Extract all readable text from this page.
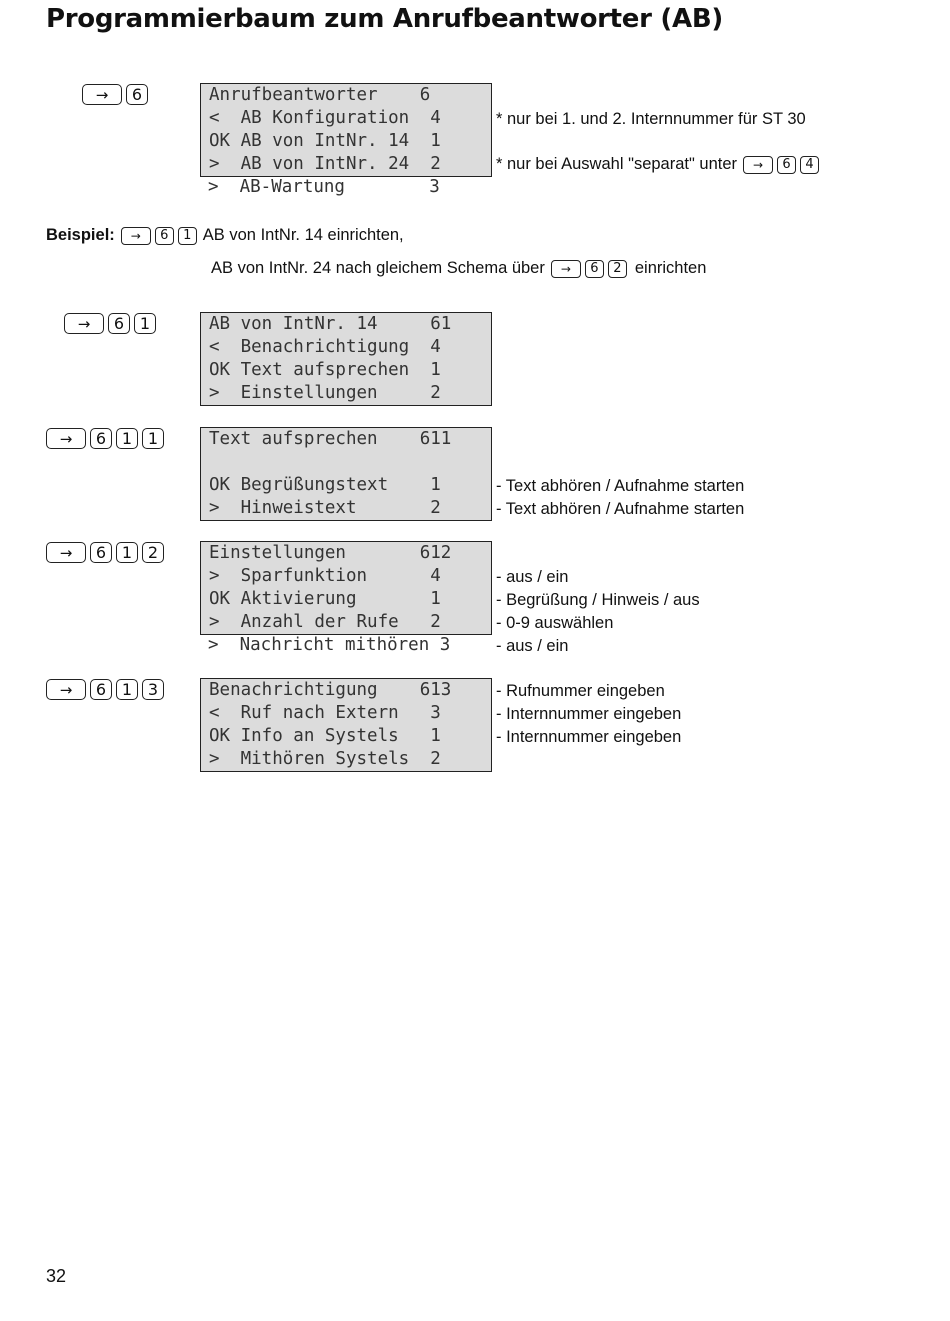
Programmierbaum zum Anrufbeantworter (AB)
→	6	Anrufbeantworter    6
<  AB Konfiguration  4
OK AB von IntNr. 14  1
>  AB von IntNr. 24  2
>  AB-Wartung        3
* nur bei 1. und 2. Internnummer für ST 30
* nur bei Auswahl "separat" unter	→	6	4
Beispiel:	→	6	1 AB von IntNr. 14 einrichten,
AB von IntNr. 24 nach gleichem Schema über	→	6	2 einrichten
→	6 1	AB von IntNr. 14     61
<  Benachrichtigung  4
OK Text aufsprechen  1
>  Einstellungen     2
→	6 1 1	Text aufsprechen    611
OK Begrüßungstext    1
>  Hinweistext       2
- Text abhören / Aufnahme starten
- Text abhören / Aufnahme starten
→	6 1 2	Einstellungen       612
>  Sparfunktion      4
OK Aktivierung       1
>  Anzahl der Rufe   2
>  Nachricht mithören 3
- aus / ein
- Begrüßung / Hinweis / aus
- 0-9 auswählen
- aus / ein
→	6 1 3	Benachrichtigung    613
<  Ruf nach Extern   3
OK Info an Systels   1
>  Mithören Systels  2
- Rufnummer eingeben
- Internnummer eingeben
- Internnummer eingeben
32
